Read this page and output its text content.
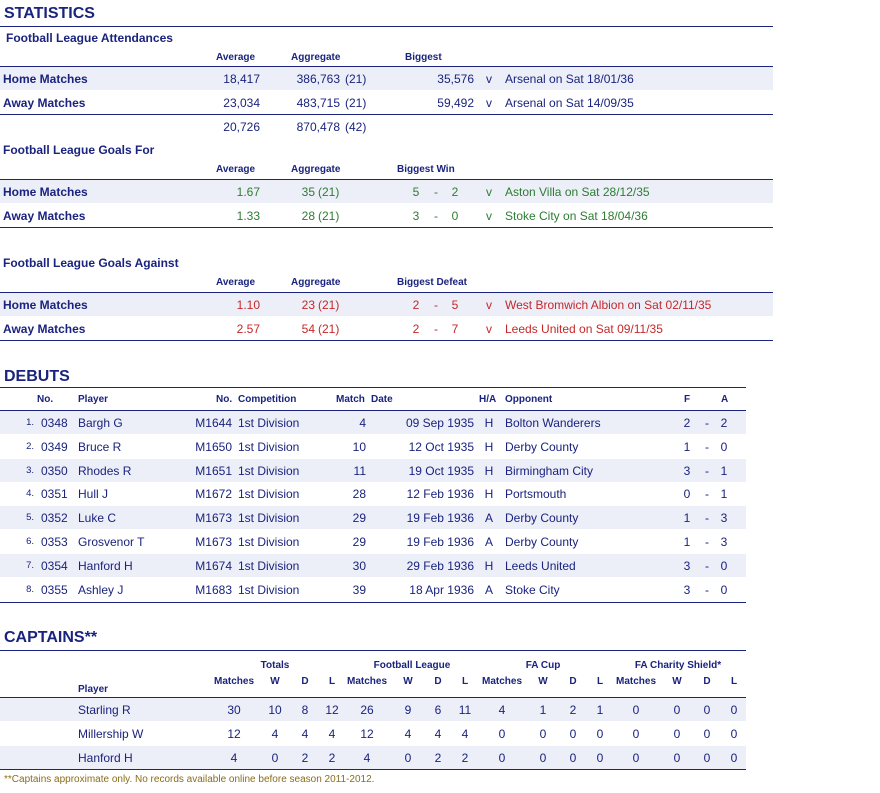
STATISTICS
Football League Attendances
Average	Aggregate	Biggest
Home Matches	18,417	386,763 (21)	35,576 v Arsenal on Sat 18/01/36
Away Matches	23,034	483,715 (21)	59,492 v Arsenal on Sat 14/09/35
20,726	870,478 (42)
Football League Goals For
Average	Aggregate	Biggest Win
Home Matches	1.67	35 (21)	5	-	2 v Aston Villa on Sat 28/12/35
Away Matches	1.33	28 (21)	3	-	0 v Stoke City on Sat 18/04/36
Football League Goals Against
Average	Aggregate	Biggest Defeat
Home Matches	1.10	23 (21)	2	-	5 v West Bromwich Albion on Sat 02/11/35
Away Matches	2.57	54 (21)	2	-	7 v Leeds United on Sat 09/11/35
DEBUTS
No. Player	No. Competition	Match Date	H/A Opponent	F	A
1. 0348 Bargh G	M1644 1st Division	4	09 Sep 1935 H Bolton Wanderers	2	- 2
2. 0349 Bruce R	M1650 1st Division	10	12 Oct 1935 H Derby County	1	- 0
3. 0350 Rhodes R	M1651 1st Division	11	19 Oct 1935 H Birmingham City	3	- 1
4. 0351 Hull J	M1672 1st Division	28	12 Feb 1936 H Portsmouth	0	- 1
5. 0352 Luke C	M1673 1st Division	29	19 Feb 1936 A	Derby County	1	- 3
6. 0353 Grosvenor T	M1673 1st Division	29	19 Feb 1936 A	Derby County	1	- 3
7. 0354 Hanford H	M1674 1st Division	30	29 Feb 1936 H Leeds United	3	- 0
8. 0355 Ashley J	M1683 1st Division	39	18 Apr 1936 A	Stoke City	3	- 0
CAPTAINS**
Totals	Football League	FA Cup	FA Charity Shield*
Player
Matches	W	D	L	Matches	W	D	L	Matches	W	D	L	Matches	W	D	L
Starling R	30	10	8	12	26	9	6	11	4	1	2	1	0	0	0	0
Millership W	12	4	4	4	12	4	4	4	0	0	0	0	0	0	0	0
Hanford H	4	0	2	2	4	0	2	2	0	0	0	0	0	0	0	0
**Captains approximate only. No records available online before season 2011-2012.
